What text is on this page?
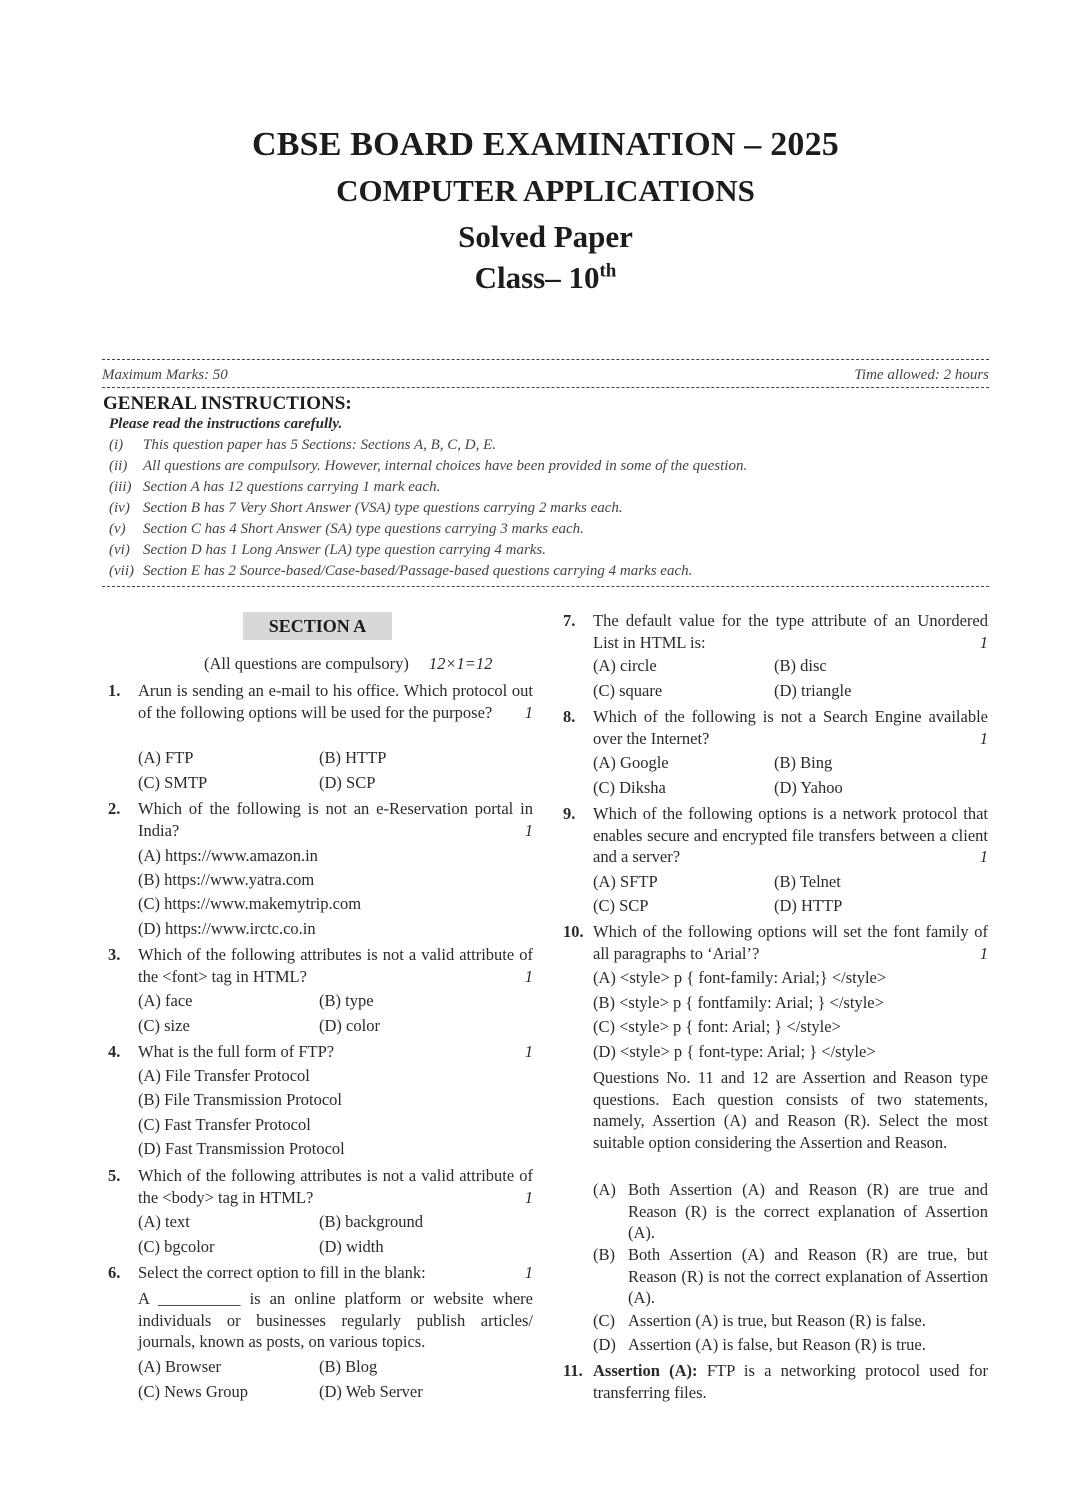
CBSE BOARD EXAMINATION – 2025
COMPUTER APPLICATIONS
Solved Paper
Class– 10th
Maximum Marks: 50	Time allowed: 2 hours
GENERAL INSTRUCTIONS:
Please read the instructions carefully.
(i) This question paper has 5 Sections: Sections A, B, C, D, E.
(ii) All questions are compulsory. However, internal choices have been provided in some of the question.
(iii) Section A has 12 questions carrying 1 mark each.
(iv) Section B has 7 Very Short Answer (VSA) type questions carrying 2 marks each.
(v) Section C has 4 Short Answer (SA) type questions carrying 3 marks each.
(vi) Section D has 1 Long Answer (LA) type question carrying 4 marks.
(vii) Section E has 2 Source-based/Case-based/Passage-based questions carrying 4 marks each.
SECTION A
(All questions are compulsory) 12×1=12
1. Arun is sending an e-mail to his office. Which protocol out of the following options will be used for the purpose? 1
(A) FTP	(B) HTTP
(C) SMTP	(D) SCP
2. Which of the following is not an e-Reservation portal in India?	1
(A) https://www.amazon.in
(B) https://www.yatra.com
(C) https://www.makemytrip.com
(D) https://www.irctc.co.in
3. Which of the following attributes is not a valid attribute of the <font> tag in HTML?	1
(A) face	(B) type
(C) size	(D) color
4. What is the full form of FTP?	1
(A) File Transfer Protocol
(B) File Transmission Protocol
(C) Fast Transfer Protocol
(D) Fast Transmission Protocol
5. Which of the following attributes is not a valid attribute of the <body> tag in HTML?	1
(A) text	(B) background
(C) bgcolor	(D) width
6. Select the correct option to fill in the blank:	1
A __________ is an online platform or website where individuals or businesses regularly publish articles/ journals, known as posts, on various topics.
(A) Browser	(B) Blog
(C) News Group	(D) Web Server
7. The default value for the type attribute of an Unordered List in HTML is:	1
(A) circle	(B) disc
(C) square	(D) triangle
8. Which of the following is not a Search Engine available over the Internet?	1
(A) Google	(B) Bing
(C) Diksha	(D) Yahoo
9. Which of the following options is a network protocol that enables secure and encrypted file transfers between a client and a server?	1
(A) SFTP	(B) Telnet
(C) SCP	(D) HTTP
10. Which of the following options will set the font family of all paragraphs to ‘Arial’?	1
(A) <style> p { font-family: Arial;} </style>
(B) <style> p { fontfamily: Arial; } </style>
(C) <style> p { font: Arial; } </style>
(D) <style> p { font-type: Arial; } </style>
Questions No. 11 and 12 are Assertion and Reason type questions. Each question consists of two statements, namely, Assertion (A) and Reason (R). Select the most suitable option considering the Assertion and Reason.
(A) Both Assertion (A) and Reason (R) are true and Reason (R) is the correct explanation of Assertion (A).
(B) Both Assertion (A) and Reason (R) are true, but Reason (R) is not the correct explanation of Assertion (A).
(C) Assertion (A) is true, but Reason (R) is false.
(D) Assertion (A) is false, but Reason (R) is true.
11. Assertion (A): FTP is a networking protocol used for transferring files.
